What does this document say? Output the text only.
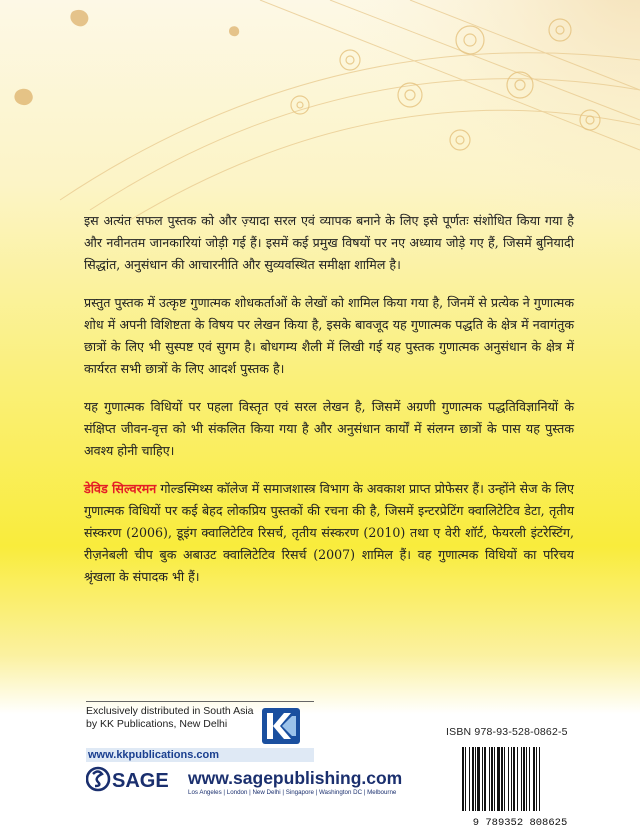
इस अत्यंत सफल पुस्तक को और ज़्यादा सरल एवं व्यापक बनाने के लिए इसे पूर्णतः संशोधित किया गया है और नवीनतम जानकारियां जोड़ी गई हैं। इसमें कई प्रमुख विषयों पर नए अध्याय जोड़े गए हैं, जिसमें बुनियादी सिद्धांत, अनुसंधान की आचारनीति और सुव्यवस्थित समीक्षा शामिल है।

प्रस्तुत पुस्तक में उत्कृष्ट गुणात्मक शोधकर्ताओं के लेखों को शामिल किया गया है, जिनमें से प्रत्येक ने गुणात्मक शोध में अपनी विशिष्टता के विषय पर लेखन किया है, इसके बावजूद यह गुणात्मक पद्धति के क्षेत्र में नवागंतुक छात्रों के लिए भी सुस्पष्ट एवं सुगम है। बोधगम्य शैली में लिखी गई यह पुस्तक गुणात्मक अनुसंधान के क्षेत्र में कार्यरत सभी छात्रों के लिए आदर्श पुस्तक है।

यह गुणात्मक विधियों पर पहला विस्तृत एवं सरल लेखन है, जिसमें अग्रणी गुणात्मक पद्धतिविज्ञानियों के संक्षिप्त जीवन-वृत्त को भी संकलित किया गया है और अनुसंधान कार्यों में संलग्न छात्रों के पास यह पुस्तक अवश्य होनी चाहिए।

डेविड सिल्वरमन गोल्डस्मिथ्स कॉलेज में समाजशास्त्र विभाग के अवकाश प्राप्त प्रोफेसर हैं। उन्होंने सेज के लिए गुणात्मक विधियों पर कई बेहद लोकप्रिय पुस्तकों की रचना की है, जिसमें इन्टरप्रेटिंग क्वालिटेटिव डेटा, तृतीय संस्करण (2006), डूइंग क्वालिटेटिव रिसर्च, तृतीय संस्करण (2010) तथा ए वेरी शॉर्ट, फेयरली इंटरेस्टिंग, रीज़नेबली चीप बुक अबाउट क्वालिटेटिव रिसर्च (2007) शामिल हैं। वह गुणात्मक विधियों का परिचय श्रृंखला के संपादक भी हैं।

Exclusively distributed in South Asia
by KK Publications, New Delhi
www.kkpublications.com
ISBN 978-93-528-0862-5
9 789352 808625
SAGE www.sagepublishing.com
Los Angeles | London | New Delhi | Singapore | Washington DC | Melbourne
